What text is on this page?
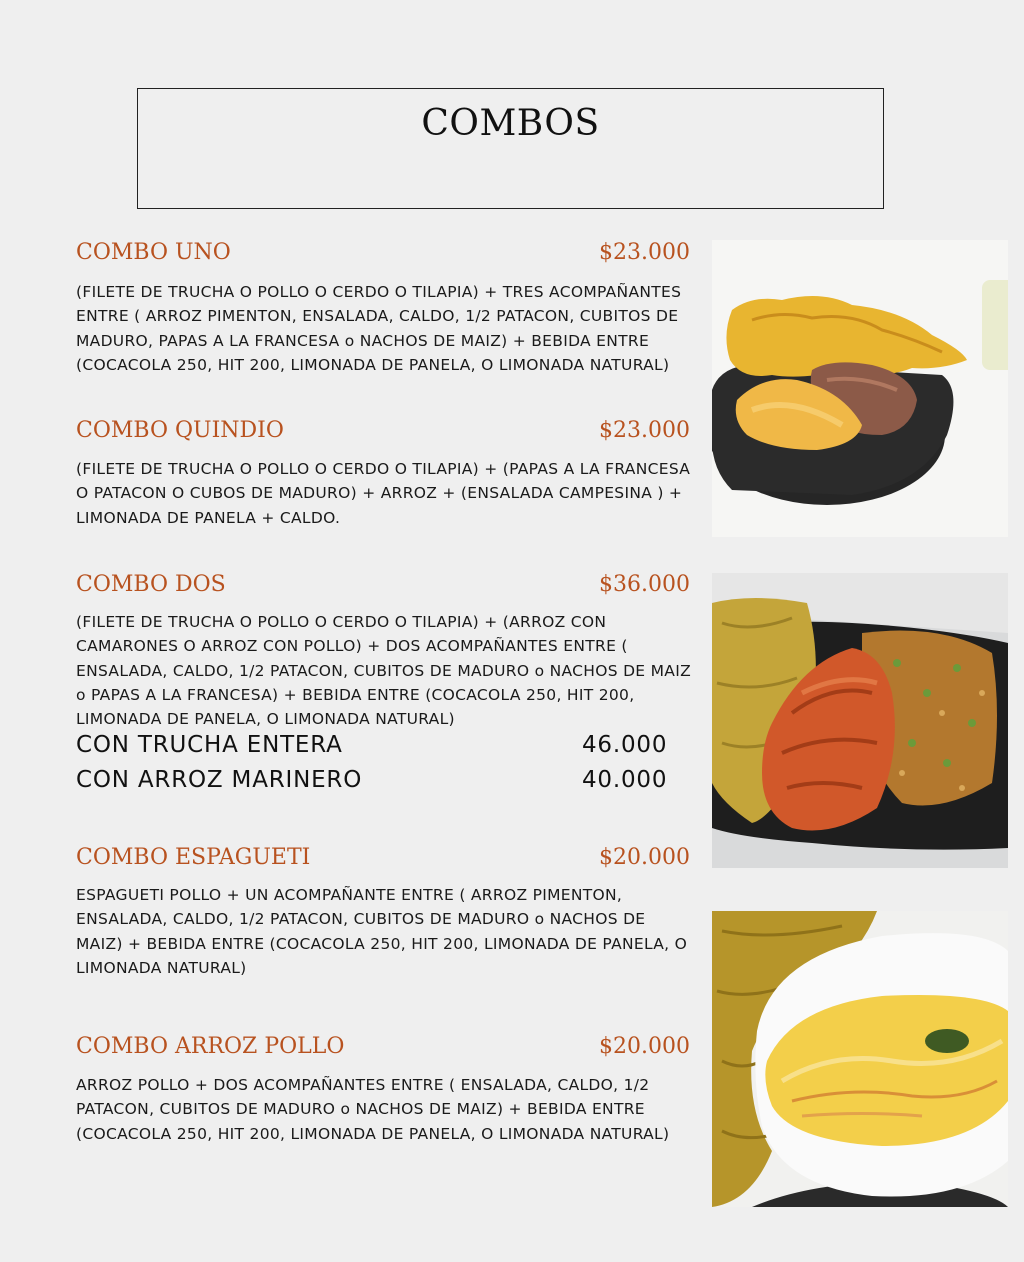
COMBOS
COMBO UNO	$23.000
(FILETE DE TRUCHA O POLLO O CERDO O TILAPIA) + TRES ACOMPAÑANTES ENTRE ( ARROZ PIMENTON, ENSALADA, CALDO, 1/2 PATACON, CUBITOS DE MADURO, PAPAS A LA FRANCESA o NACHOS DE MAIZ) + BEBIDA ENTRE (COCACOLA 250, HIT 200, LIMONADA DE PANELA, O LIMONADA NATURAL)
COMBO QUINDIO	$23.000
(FILETE DE TRUCHA O POLLO O CERDO O TILAPIA) + (PAPAS A LA FRANCESA O PATACON O CUBOS DE MADURO) + ARROZ + (ENSALADA CAMPESINA ) + LIMONADA DE PANELA + CALDO.
COMBO DOS	$36.000
(FILETE DE TRUCHA O POLLO O CERDO O TILAPIA) + (ARROZ CON CAMARONES O ARROZ CON POLLO) + DOS ACOMPAÑANTES ENTRE ( ENSALADA, CALDO, 1/2 PATACON, CUBITOS DE MADURO o NACHOS DE MAIZ o PAPAS A LA FRANCESA) + BEBIDA ENTRE (COCACOLA 250, HIT 200, LIMONADA DE PANELA, O LIMONADA NATURAL)
CON TRUCHA ENTERA	46.000
CON ARROZ MARINERO	40.000
COMBO ESPAGUETI	$20.000
ESPAGUETI POLLO + UN ACOMPAÑANTE ENTRE ( ARROZ PIMENTON, ENSALADA, CALDO, 1/2 PATACON, CUBITOS DE MADURO o NACHOS DE MAIZ) + BEBIDA ENTRE (COCACOLA 250, HIT 200, LIMONADA DE PANELA, O LIMONADA NATURAL)
COMBO ARROZ POLLO	$20.000
ARROZ POLLO + DOS ACOMPAÑANTES ENTRE ( ENSALADA, CALDO, 1/2 PATACON, CUBITOS DE MADURO o NACHOS DE MAIZ) + BEBIDA ENTRE (COCACOLA 250, HIT 200, LIMONADA DE PANELA, O LIMONADA NATURAL)
